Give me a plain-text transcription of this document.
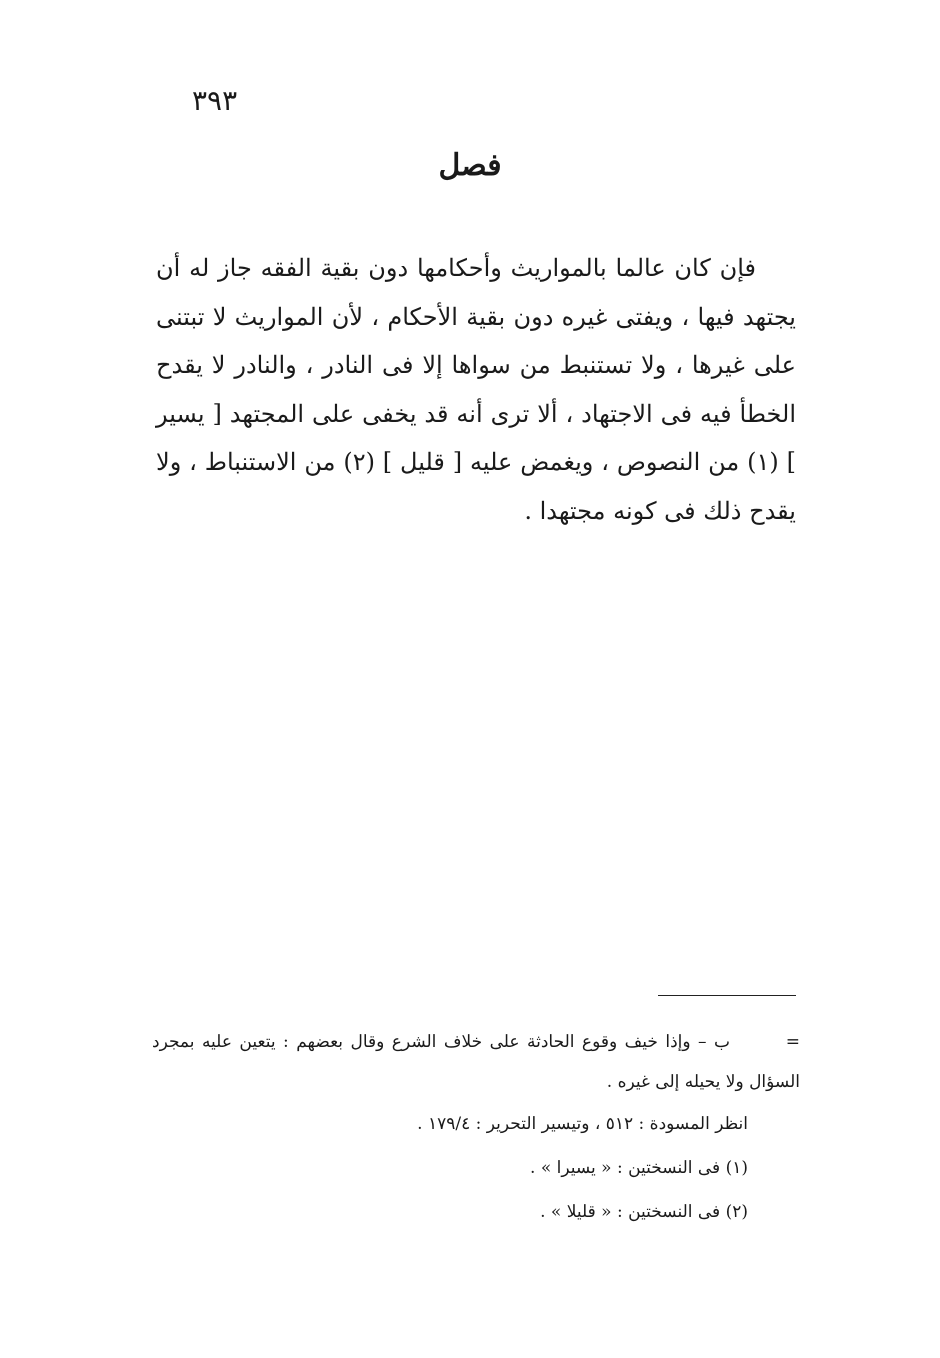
٣٩٣
فصل
فإن كان عالما بالمواريث وأحكامها دون بقية الفقه جاز له أن يجتهد فيها ، ويفتى غيره دون بقية الأحكام ، لأن المواريث لا تبتنى على غيرها ، ولا تستنبط من سواها إلا فى النادر ، والنادر لا يقدح الخطأ فيه فى الاجتهاد ، ألا ترى أنه قد يخفى على المجتهد [ يسير ] (١) من النصوص ، ويغمض عليه [ قليل ] (٢) من الاستنباط ، ولا يقدح ذلك فى كونه مجتهدا .
=ب – وإذا خيف وقوع الحادثة على خلاف الشرع وقال بعضهم : يتعين عليه بمجرد السؤال ولا يحيله إلى غيره .
انظر المسودة : ٥١٢ ، وتيسير التحرير : ١٧٩/٤ .
(١) فى النسختين : « يسيرا » .
(٢) فى النسختين : « قليلا » .
